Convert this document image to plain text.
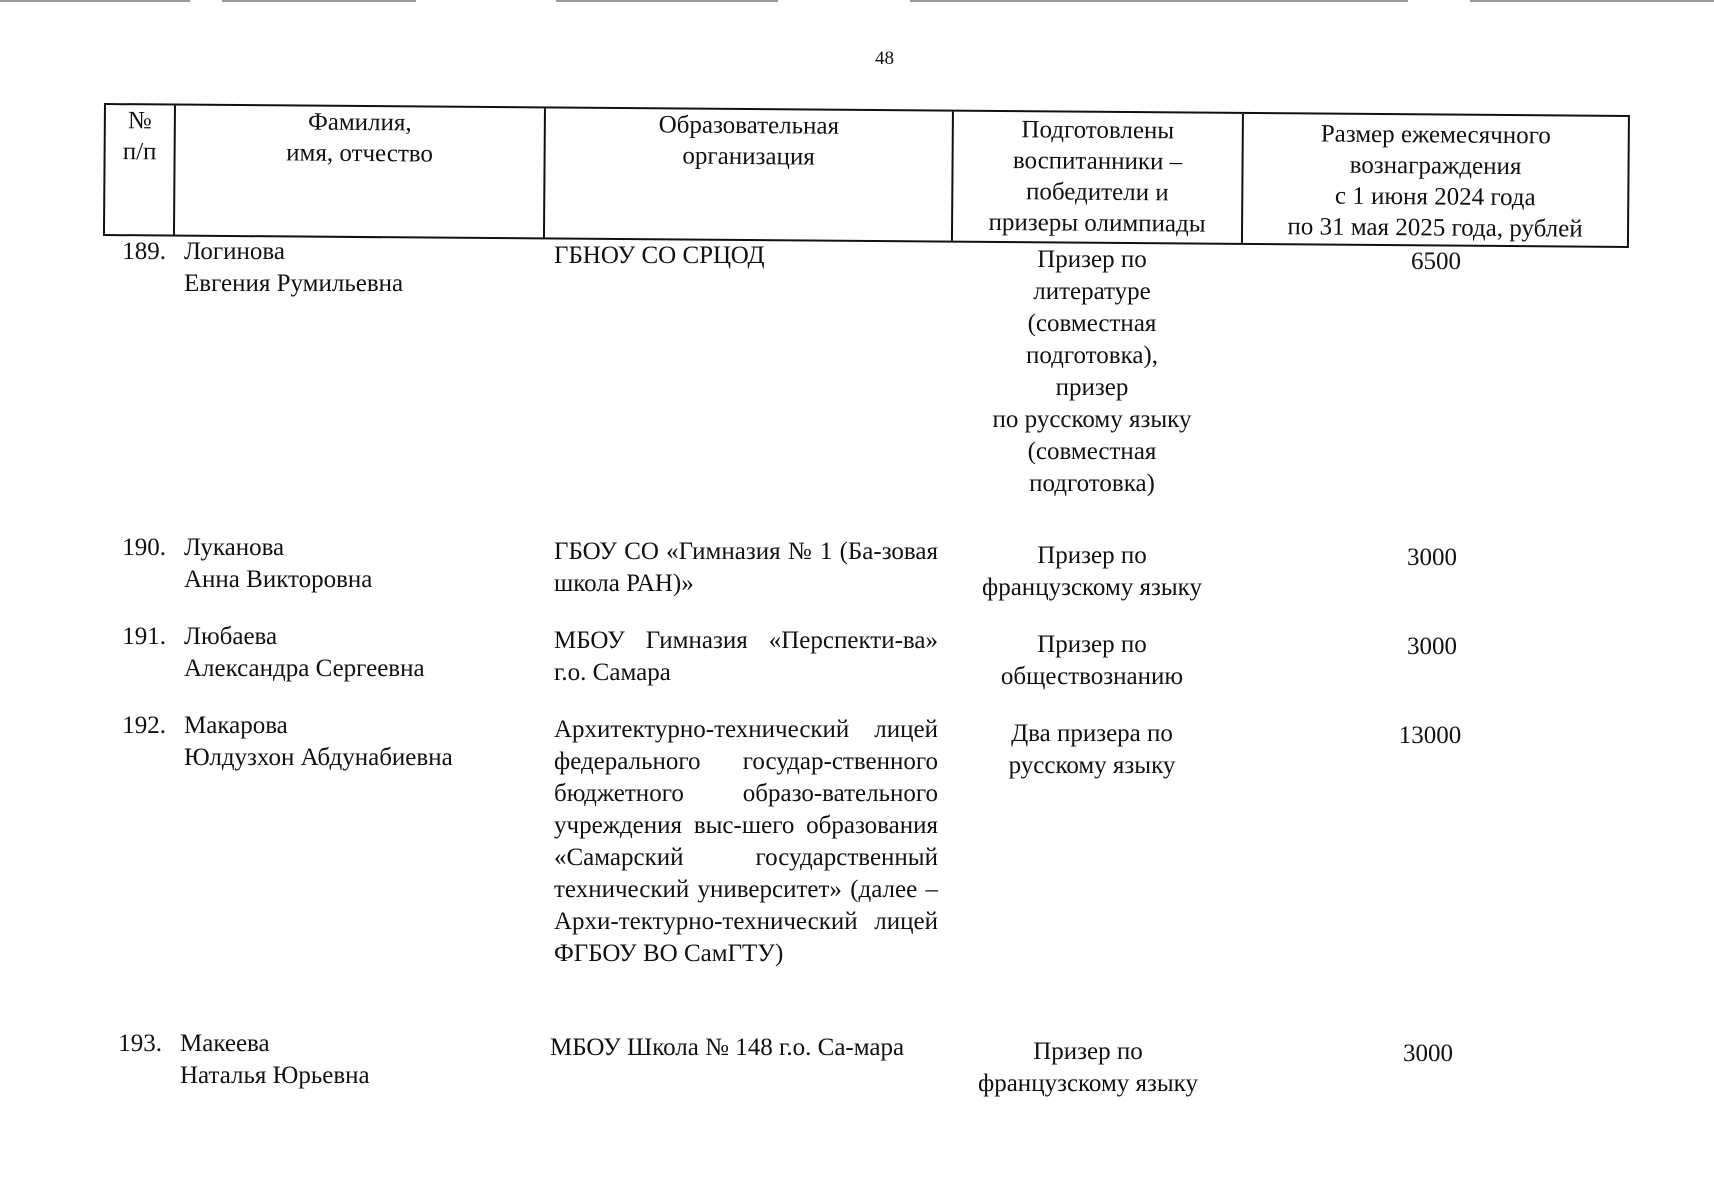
48
№
п/п
Фамилия,
имя, отчество
Образовательная
организация
Подготовлены
воспитанники –
победители и
призеры олимпиады
Размер ежемесячного
вознаграждения
с 1 июня 2024 года
по 31 мая 2025 года, рублей
189. Логинова
Евгения Румильевна
ГБНОУ СО СРЦОД	Призер по
литературе
(совместная
подготовка),
призер
по русскому языку
(совместная
подготовка)
6500
190. Луканова
Анна Викторовна
ГБОУ СО «Гимназия № 1 (Ба-зовая школа РАН)»
Призер по
французскому языку
3000
191. Любаева
Александра Сергеевна
МБОУ Гимназия «Перспекти-ва» г.о. Самара
Призер по
обществознанию
3000
192. Макарова
Юлдузхон Абдунабиевна
Архитектурно-технический лицей федерального государ-ственного бюджетного образо-вательного учреждения выс-шего образования «Самарский государственный технический университет» (далее – Архи-тектурно-технический лицей ФГБОУ ВО СамГТУ)
Два призера по
русскому языку
13000
193. Макеева
Наталья Юрьевна
МБОУ Школа № 148 г.о. Са-мара	Призер по
французскому языку
3000
